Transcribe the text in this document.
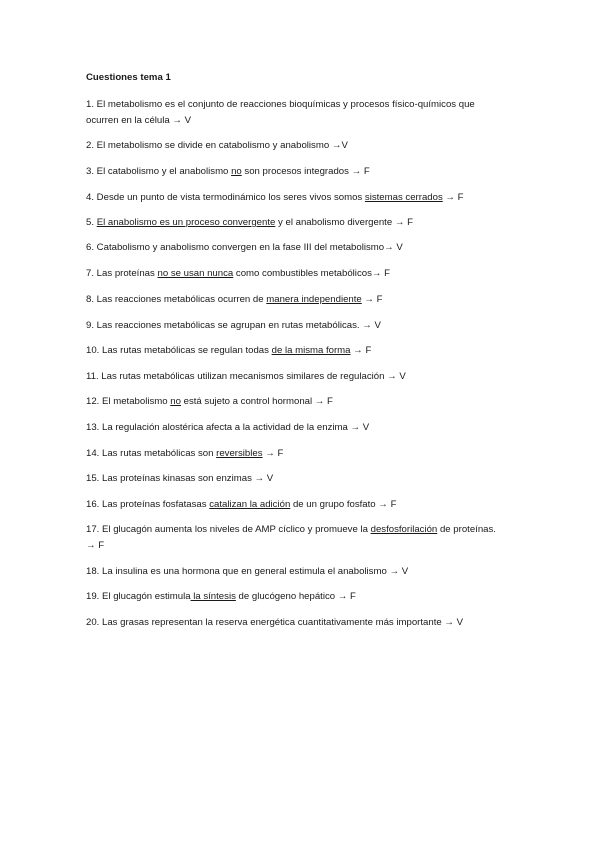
Cuestiones tema 1
1. El metabolismo es el conjunto de reacciones bioquímicas y procesos físico-químicos que ocurren en la célula → V
2. El metabolismo se divide en catabolismo y anabolismo →V
3. El catabolismo y el anabolismo no son procesos integrados → F
4. Desde un punto de vista termodinámico los seres vivos somos sistemas cerrados → F
5. El anabolismo es un proceso convergente y el anabolismo divergente → F
6. Catabolismo y anabolismo convergen en la fase III del metabolismo→ V
7. Las proteínas no se usan nunca como combustibles metabólicos→ F
8. Las reacciones metabólicas ocurren de manera independiente → F
9. Las reacciones metabólicas se agrupan en rutas metabólicas. → V
10. Las rutas metabólicas se regulan todas de la misma forma → F
11. Las rutas metabólicas utilizan mecanismos similares de regulación → V
12. El metabolismo no está sujeto a control hormonal → F
13. La regulación alostérica afecta a la actividad de la enzima → V
14. Las rutas metabólicas son reversibles → F
15. Las proteínas kinasas son enzimas → V
16. Las proteínas fosfatasas catalizan la adición de un grupo fosfato → F
17. El glucagón aumenta los niveles de AMP cíclico y promueve la desfosforilación de proteínas. → F
18. La insulina es una hormona que en general estimula el anabolismo → V
19. El glucagón estimula la síntesis de glucógeno hepático → F
20. Las grasas representan la reserva energética cuantitativamente más importante → V
